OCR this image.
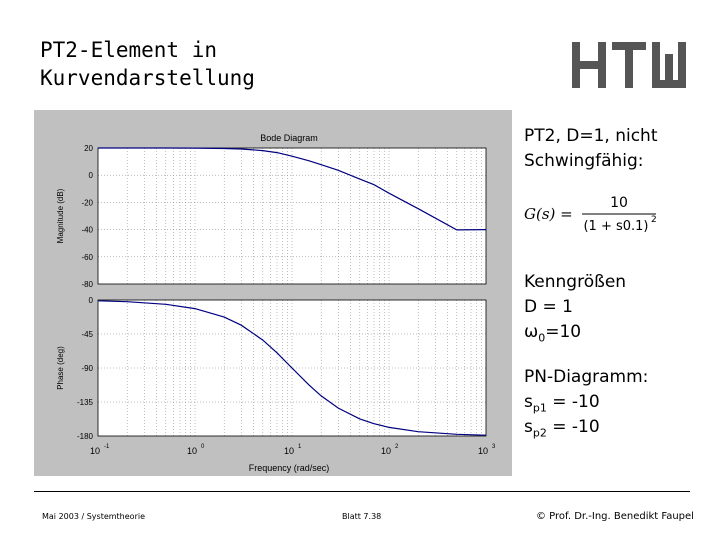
PT2-Element in
Kurvendarstellung
Bode Diagram
20
0
-20
-40
-60
-80
0
-45
-90
-135
-180
10 -1	10 0	10 1	10 2	10 3
Magnitude (dB)
Phase (deg)
Frequency (rad/sec)
PT2, D=1, nicht
Schwingfähig:
G(s) =
10
(1 + s0.1) 2
Kenngrößen
D = 1
$\omega_0=10$
PN-Diagramm:
$s_{p1} = -10$
$s_{p2} = -10$
Mai 2003 / Systemtheorie	Blatt 7.38	© Prof. Dr.-Ing. Benedikt Faupel
